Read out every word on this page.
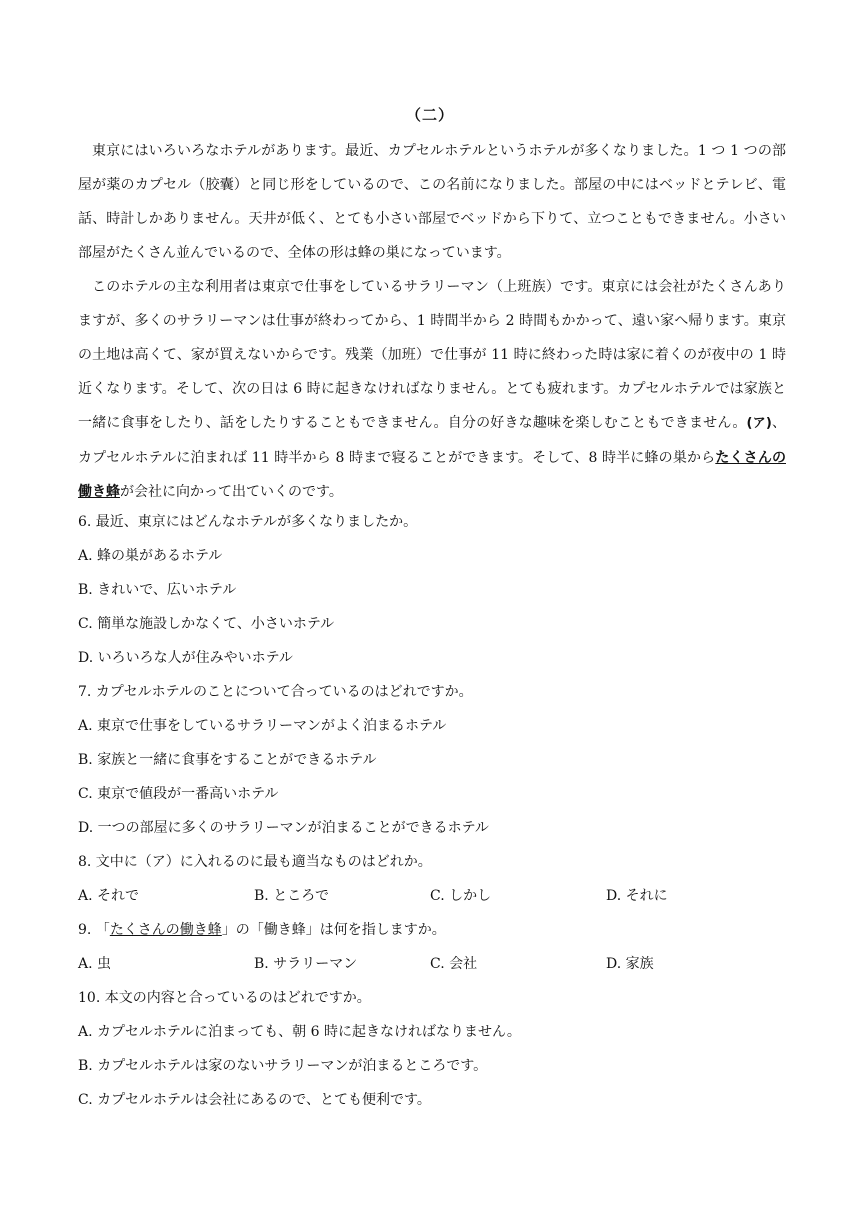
（二）

東京にはいろいろなホテルがあります。最近、カプセルホテルというホテルが多くなりました。1 つ 1 つの部屋が薬のカプセル（胶囊）と同じ形をしているので、この名前になりました。部屋の中にはベッドとテレビ、電話、時計しかありません。天井が低く、とても小さい部屋でベッドから下りて、立つこともできません。小さい部屋がたくさん並んでいるので、全体の形は蜂の巣になっています。

このホテルの主な利用者は東京で仕事をしているサラリーマン（上班族）です。東京には会社がたくさんありますが、多くのサラリーマンは仕事が終わってから、1 時間半から 2 時間もかかって、遠い家へ帰ります。東京の土地は高くて、家が買えないからです。残業（加班）で仕事が 11 時に終わった時は家に着くのが夜中の 1 時近くなります。そして、次の日は 6 時に起きなければなりません。とても疲れます。カプセルホテルでは家族と一緒に食事をしたり、話をしたりすることもできません。自分の好きな趣味を楽しむこともできません。(ア)、カプセルホテルに泊まれば 11 時半から 8 時まで寝ることができます。そして、8 時半に蜂の巣からたくさんの働き蜂が会社に向かって出ていくのです。

6. 最近、東京にはどんなホテルが多くなりましたか。
A. 蜂の巣があるホテル
B. きれいで、広いホテル
C. 簡単な施設しかなくて、小さいホテル
D. いろいろな人が住みやいホテル
7. カプセルホテルのことについて合っているのはどれですか。
A. 東京で仕事をしているサラリーマンがよく泊まるホテル
B. 家族と一緒に食事をすることができるホテル
C. 東京で値段が一番高いホテル
D. 一つの部屋に多くのサラリーマンが泊まることができるホテル
8. 文中に（ア）に入れるのに最も適当なものはどれか。
A. それで	B. ところで	C. しかし	D. それに
9. 「たくさんの働き蜂」の「働き蜂」は何を指しますか。
A. 虫	B. サラリーマン	C. 会社	D. 家族
10. 本文の内容と合っているのはどれですか。
A. カプセルホテルに泊まっても、朝 6 時に起きなければなりません。
B. カプセルホテルは家のないサラリーマンが泊まるところです。
C. カプセルホテルは会社にあるので、とても便利です。
